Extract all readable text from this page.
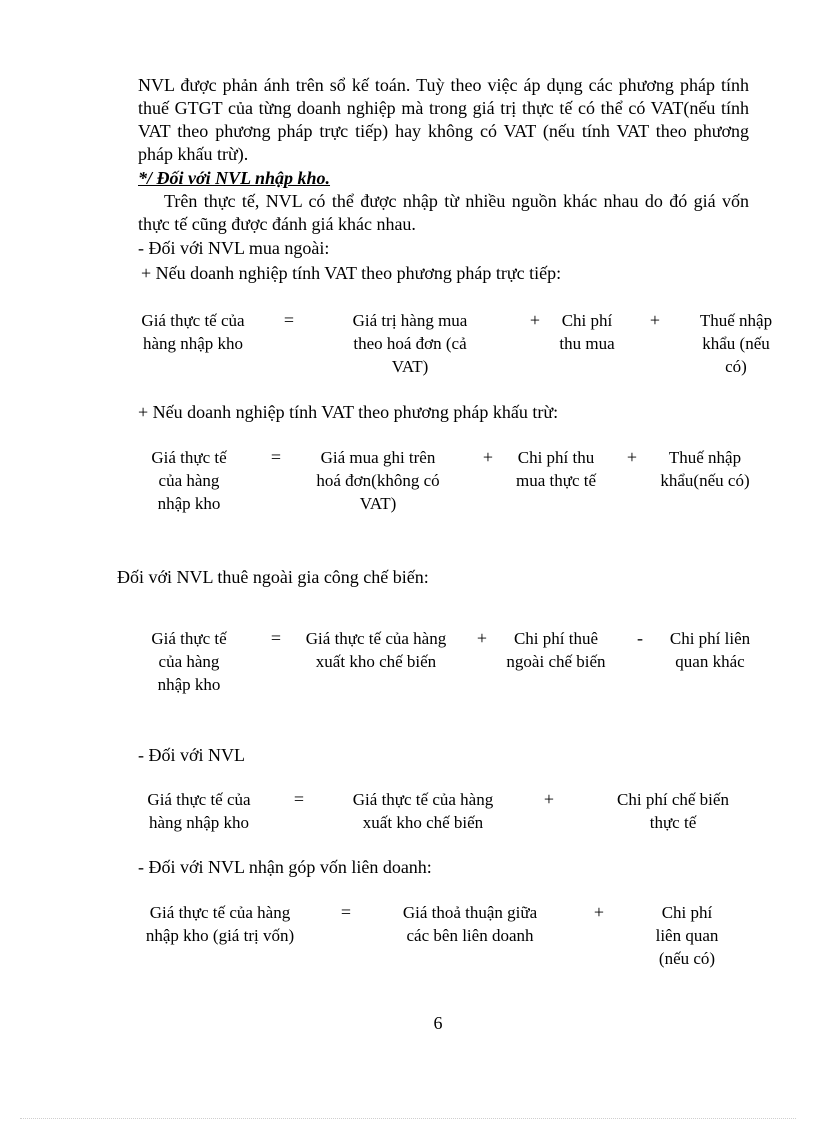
NVL được phản ánh trên sổ kế toán. Tuỳ theo việc áp dụng các phương pháp tính thuế GTGT của từng doanh nghiệp mà trong giá trị thực tế có thể có VAT(nếu tính VAT theo phương pháp trực tiếp) hay không có VAT (nếu tính VAT theo phương pháp khấu trừ).
*/ Đối với NVL nhập kho.
Trên thực tế, NVL có thể được nhập từ nhiều nguồn khác nhau do đó giá vốn thực tế cũng được đánh giá khác nhau.
- Đối với NVL mua ngoài:
+ Nếu doanh nghiệp tính VAT theo phương pháp trực tiếp:
Giá thực tế của hàng nhập kho
=	Giá trị hàng mua theo hoá đơn (cả VAT)
+	Chi phí thu mua
+	Thuế nhập khẩu (nếu có)
+ Nếu doanh nghiệp tính VAT theo phương pháp khấu trừ:
Giá thực tế của hàng nhập kho
=	Giá mua ghi trên hoá đơn(không có VAT)
+	Chi phí thu mua thực tế
+	Thuế nhập khẩu(nếu có)
Đối với NVL thuê ngoài gia công chế biến:
Giá thực tế của hàng nhập kho
= Giá thực tế của hàng xuất kho chế biến
+	Chi phí thuê ngoài chế biến
-	Chi phí liên quan khác
- Đối với NVL
Giá thực tế của hàng nhập kho
=	Giá thực tế của hàng xuất kho chế biến
+	Chi phí chế biến thực tế
- Đối với NVL nhận góp vốn liên doanh:
Giá thực tế của hàng nhập kho (giá trị vốn)
=	Giá thoả thuận giữa các bên liên doanh
+	Chi phí liên quan (nếu có)
6
